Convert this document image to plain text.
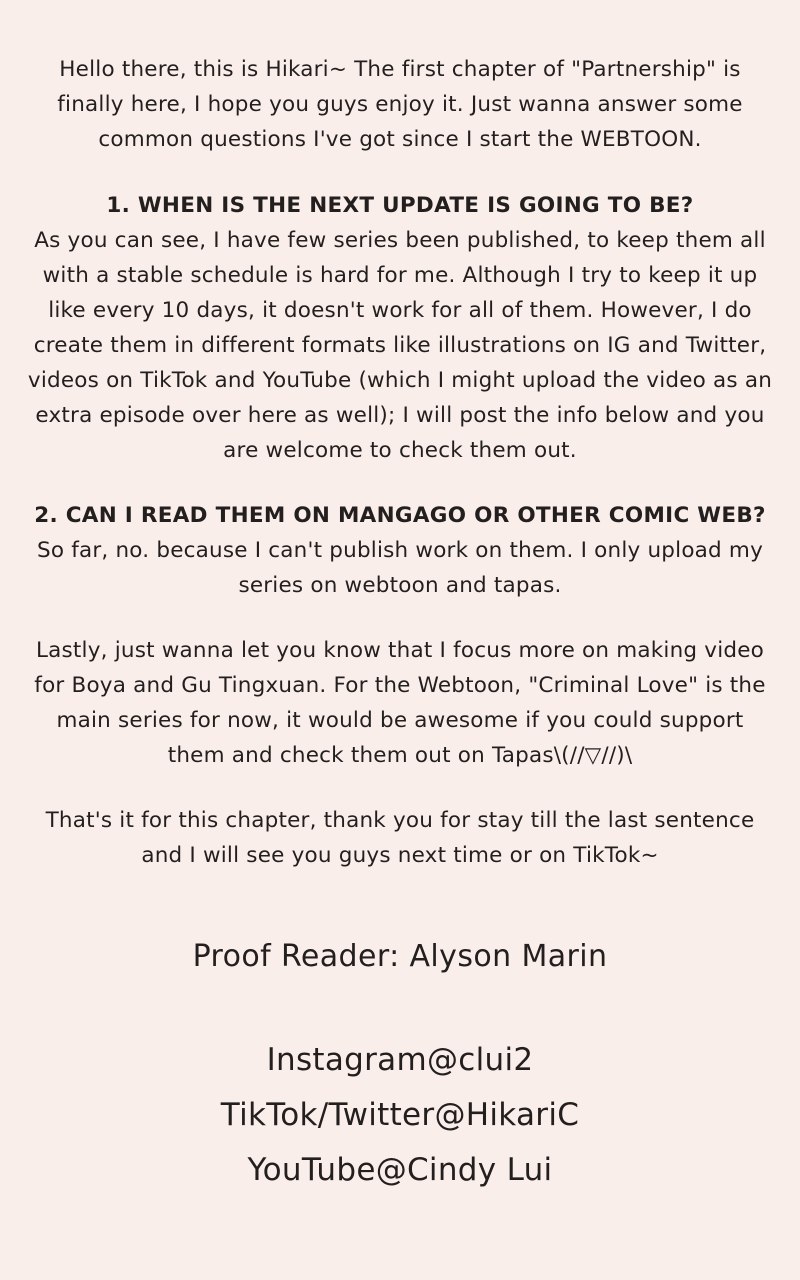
Hello there, this is Hikari~ The first chapter of "Partnership" is finally here, I hope you guys enjoy it. Just wanna answer some common questions I've got since I start the WEBTOON.

1. WHEN IS THE NEXT UPDATE IS GOING TO BE?

As you can see, I have few series been published, to keep them all with a stable schedule is hard for me. Although I try to keep it up like every 10 days, it doesn't work for all of them. However, I do create them in different formats like illustrations on IG and Twitter, videos on TikTok and YouTube (which I might upload the video as an extra episode over here as well); I will post the info below and you are welcome to check them out.

2. CAN I READ THEM ON MANGAGO OR OTHER COMIC WEB?

So far, no. because I can't publish work on them. I only upload my series on webtoon and tapas.

Lastly, just wanna let you know that I focus more on making video for Boya and Gu Tingxuan. For the Webtoon, "Criminal Love" is the main series for now, it would be awesome if you could support them and check them out on Tapas\(//▽//)\

That's it for this chapter, thank you for stay till the last sentence and I will see you guys next time or on TikTok~

Proof Reader: Alyson Marin

Instagram@clui2

TikTok/Twitter@HikariC

YouTube@Cindy Lui
